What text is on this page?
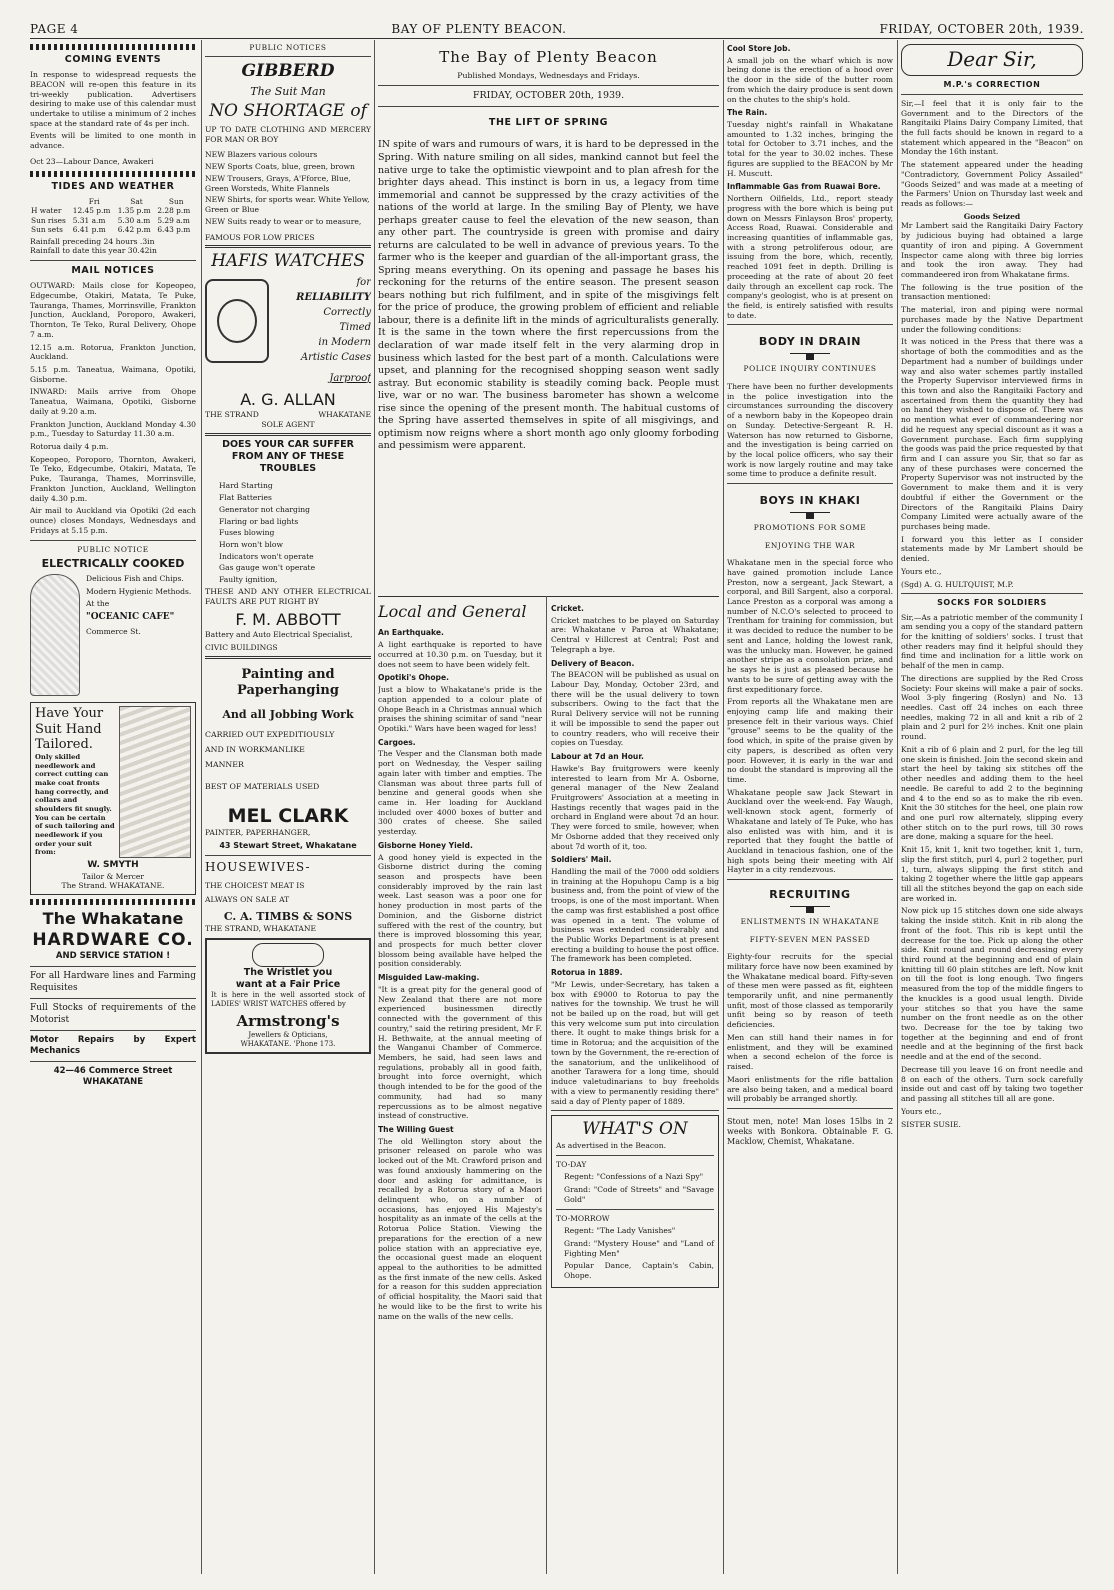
PAGE 4	BAY OF PLENTY BEACON.	FRIDAY, OCTOBER 20th, 1939.
COMING EVENTS

In response to widespread requests the BEACON will re-open this feature in its tri-weekly publication. Advertisers desiring to make use of this calendar must undertake to utilise a minimum of 2 inches space at the standard rate of 4s per inch.

Events will be limited to one month in advance.

Oct 23—Labour Dance, Awakeri

TIDES AND WEATHER
	Fri	Sat	Sun
H water	12.45 p.m	1.35 p.m	2.28 p.m
Sun rises	5.31 a.m	5.30 a.m	5.29 a.m
Sun sets	6.41 p.m	6.42 p.m	6.43 p.m

Rainfall preceding 24 hours .3in

Rainfall to date this year 30.42in

MAIL NOTICES

OUTWARD: Mails close for Kopeopeo, Edgecumbe, Otakiri, Matata, Te Puke, Tauranga, Thames, Morrinsville, Frankton Junction, Auckland, Poroporo, Awakeri, Thornton, Te Teko, Rural Delivery, Ohope 7 a.m.

12.15 a.m. Rotorua, Frankton Junction, Auckland.

5.15 p.m. Taneatua, Waimana, Opotiki, Gisborne.

INWARD: Mails arrive from Ohope Taneatua, Waimana, Opotiki, Gisborne daily at 9.20 a.m.

Frankton Junction, Auckland Monday 4.30 p.m., Tuesday to Saturday 11.30 a.m.

Rotorua daily 4 p.m.

Kopeopeo, Poroporo, Thornton, Awakeri, Te Teko, Edgecumbe, Otakiri, Matata, Te Puke, Tauranga, Thames, Morrinsville, Frankton Junction, Auckland, Wellington daily 4.30 p.m.

Air mail to Auckland via Opotiki (2d each ounce) closes Mondays, Wednesdays and Fridays at 5.15 p.m.

PUBLIC NOTICE
ELECTRICALLY COOKED

Delicious Fish and Chips.

Modern Hygienic Methods.

At the

"OCEANIC CAFE"

Commerce St.

Have Your Suit Hand Tailored.

Only skilled needlework and correct cutting can make coat fronts hang correctly, and collars and shoulders fit snugly. You can be certain of such tailoring and needlework if you order your suit from:

W. SMYTH
Tailor & Mercer
The Strand. WHAKATANE.
The Whakatane
HARDWARE CO.
AND SERVICE STATION !

For all Hardware lines and Farming Requisites

Full Stocks of requirements of the Motorist

Motor Repairs by Expert Mechanics

42—46 Commerce Street
WHAKATANE
PUBLIC NOTICES
GIBBERD
The Suit Man
NO SHORTAGE of

UP TO DATE CLOTHING AND MERCERY FOR MAN OR BOY

NEW Blazers various colours

NEW Sports Coats, blue, green, brown

NEW Trousers, Grays, A'Fforce, Blue, Green Worsteds, White Flannels

NEW Shirts, for sports wear. White Yellow, Green or Blue

NEW Suits ready to wear or to measure,

FAMOUS FOR LOW PRICES

HAFIS WATCHES
for
RELIABILITY
Correctly
Timed
in Modern
Artistic Cases
Jarproof
A. G. ALLAN
THE STRAND	WHAKATANE
SOLE AGENT
DOES YOUR CAR SUFFER FROM ANY OF THESE TROUBLES

Hard Starting

Flat Batteries

Generator not charging

Flaring or bad lights

Fuses blowing

Horn won't blow

Indicators won't operate

Gas gauge won't operate

Faulty ignition,

THESE AND ANY OTHER ELECTRICAL FAULTS ARE PUT RIGHT BY

F. M. ABBOTT

Battery and Auto Electrical Specialist,

CIVIC BUILDINGS

Painting and Paperhanging
And all Jobbing Work

CARRIED OUT EXPEDITIOUSLY

AND IN WORKMANLIKE

MANNER

BEST OF MATERIALS USED

MEL CLARK

PAINTER, PAPERHANGER,

43 Stewart Street, Whakatane
HOUSEWIVES-

THE CHOICEST MEAT IS

ALWAYS ON SALE AT

C. A. TIMBS & SONS

THE STRAND, WHAKATANE

The Wristlet you
want at a Fair Price

It is here in the well assorted stock of LADIES' WRIST WATCHES offered by

Armstrong's
Jewellers & Opticians,
WHAKATANE. 'Phone 173.
The Bay of Plenty Beacon
Published Mondays, Wednesdays and Fridays.
FRIDAY, OCTOBER 20th, 1939.
THE LIFT OF SPRING

IN spite of wars and rumours of wars, it is hard to be depressed in the Spring. With nature smiling on all sides, mankind cannot but feel the native urge to take the optimistic viewpoint and to plan afresh for the brighter days ahead. This instinct is born in us, a legacy from time immemorial and cannot be suppressed by the crazy activities of the nations of the world at large. In the smiling Bay of Plenty, we have perhaps greater cause to feel the elevation of the new season, than any other part. The countryside is green with promise and dairy returns are calculated to be well in advance of previous years. To the farmer who is the keeper and guardian of the all-important grass, the Spring means everything. On its opening and passage he bases his reckoning for the returns of the entire season. The present season bears nothing but rich fulfilment, and in spite of the misgivings felt for the price of produce, the growing problem of efficient and reliable labour, there is a definite lift in the minds of agriculturalists generally. It is the same in the town where the first repercussions from the declaration of war made itself felt in the very alarming drop in business which lasted for the best part of a month. Calculations were upset, and planning for the recognised shopping season went sadly astray. But economic stability is steadily coming back. People must live, war or no war. The business barometer has shown a welcome rise since the opening of the present month. The habitual customs of the Spring have asserted themselves in spite of all misgivings, and optimism now reigns where a short month ago only gloomy forboding and pessimism were apparent.

Local and General
An Earthquake.

A light earthquake is reported to have occurred at 10.30 p.m. on Tuesday, but it does not seem to have been widely felt.

Opotiki's Ohope.

Just a blow to Whakatane's pride is the caption appended to a colour plate of Ohope Beach in a Christmas annual which praises the shining scimitar of sand "near Opotiki." Wars have been waged for less!

Cargoes.

The Vesper and the Clansman both made port on Wednesday, the Vesper sailing again later with timber and empties. The Clansman was about three parts full of benzine and general goods when she came in. Her loading for Auckland included over 4000 boxes of butter and 300 crates of cheese. She sailed yesterday.

Gisborne Honey Yield.

A good honey yield is expected in the Gisborne district during the coming season and prospects have been considerably improved by the rain last week. Last season was a poor one for honey production in most parts of the Dominion, and the Gisborne district suffered with the rest of the country, but there is improved blossoming this year, and prospects for much better clover blossom being available have helped the position considerably.

Misguided Law-making.

"It is a great pity for the general good of New Zealand that there are not more experienced businessmen directly connected with the government of this country," said the retiring president, Mr F. H. Bethwaite, at the annual meeting of the Wanganui Chamber of Commerce. Members, he said, had seen laws and regulations, probably all in good faith, brought into force overnight, which though intended to be for the good of the community, had had so many repercussions as to be almost negative instead of constructive.

The Willing Guest

The old Wellington story about the prisoner released on parole who was locked out of the Mt. Crawford prison and was found anxiously hammering on the door and asking for admittance, is recalled by a Rotorua story of a Maori delinquent who, on a number of occasions, has enjoyed His Majesty's hospitality as an inmate of the cells at the Rotorua Police Station. Viewing the preparations for the erection of a new police station with an appreciative eye, the occasional guest made an eloquent appeal to the authorities to be admitted as the first inmate of the new cells. Asked for a reason for this sudden appreciation of official hospitality, the Maori said that he would like to be the first to write his name on the walls of the new cells.

Cricket.

Cricket matches to be played on Saturday are: Whakatane v Paroa at Whakatane; Central v Hillcrest at Central; Post and Telegraph a bye.

Delivery of Beacon.

The BEACON will be published as usual on Labour Day, Monday, October 23rd, and there will be the usual delivery to town subscribers. Owing to the fact that the Rural Delivery service will not be running it will be impossible to send the paper out to country readers, who will receive their copies on Tuesday.

Labour at 7d an Hour.

Hawke's Bay fruitgrowers were keenly interested to learn from Mr A. Osborne, general manager of the New Zealand Fruitgrowers' Association at a meeting in Hastings recently that wages paid in the orchard in England were about 7d an hour. They were forced to smile, however, when Mr Osborne added that they received only about 7d worth of it, too.

Soldiers' Mail.

Handling the mail of the 7000 odd soldiers in training at the Hopuhopu Camp is a big business and, from the point of view of the troops, is one of the most important. When the camp was first established a post office was opened in a tent. The volume of business was extended considerably and the Public Works Department is at present erecting a building to house the post office. The framework has been completed.

Rotorua in 1889.

"Mr Lewis, under-Secretary, has taken a box with £9000 to Rotorua to pay the natives for the township. We trust he will not be bailed up on the road, but will get this very welcome sum put into circulation there. It ought to make things brisk for a time in Rotorua; and the acquisition of the town by the Government, the re-erection of the sanatorium, and the unlikelihood of another Tarawera for a long time, should induce valetudinarians to buy freeholds with a view to permanently residing there" said a day of Plenty paper of 1889.

WHAT'S ON

As advertised in the Beacon.

TO-DAY

Regent: "Confessions of a Nazi Spy"

Grand: "Code of Streets" and "Savage Gold"

TO-MORROW

Regent: "The Lady Vanishes"

Grand: "Mystery House" and "Land of Fighting Men"

Popular Dance, Captain's Cabin, Ohope.

Cool Store Job.

A small job on the wharf which is now being done is the erection of a hood over the door in the side of the butter room from which the dairy produce is sent down on the chutes to the ship's hold.

The Rain.

Tuesday night's rainfall in Whakatane amounted to 1.32 inches, bringing the total for October to 3.71 inches, and the total for the year to 30.02 inches. These figures are supplied to the BEACON by Mr H. Muscutt.

Inflammable Gas from Ruawai Bore.

Northern Oilfields, Ltd., report steady progress with the bore which is being put down on Messrs Finlayson Bros' property, Access Road, Ruawai. Considerable and increasing quantities of inflammable gas, with a strong petroliferous odour, are issuing from the bore, which, recently, reached 1091 feet in depth. Drilling is proceeding at the rate of about 20 feet daily through an excellent cap rock. The company's geologist, who is at present on the field, is entirely satisfied with results to date.

BODY IN DRAIN
POLICE INQUIRY CONTINUES

There have been no further developments in the police investigation into the circumstances surrounding the discovery of a newborn baby in the Kopeopeo drain on Sunday. Detective-Sergeant R. H. Waterson has now returned to Gisborne, and the investigation is being carried on by the local police officers, who say their work is now largely routine and may take some time to produce a definite result.

BOYS IN KHAKI
PROMOTIONS FOR SOME
ENJOYING THE WAR

Whakatane men in the special force who have gained promotion include Lance Preston, now a sergeant, Jack Stewart, a corporal, and Bill Sargent, also a corporal. Lance Preston as a corporal was among a number of N.C.O's selected to proceed to Trentham for training for commission, but it was decided to reduce the number to be sent and Lance, holding the lowest rank, was the unlucky man. However, he gained another stripe as a consolation prize, and he says he is just as pleased because he wants to be sure of getting away with the first expeditionary force.

From reports all the Whakatane men are enjoying camp life and making their presence felt in their various ways. Chief "grouse" seems to be the quality of the food which, in spite of the praise given by city papers, is described as often very poor. However, it is early in the war and no doubt the standard is improving all the time.

Whakatane people saw Jack Stewart in Auckland over the week-end. Fay Waugh, well-known stock agent, formerly of Whakatane and lately of Te Puke, who has also enlisted was with him, and it is reported that they fought the battle of Auckland in tenacious fashion, one of the high spots being their meeting with Alf Hayter in a city rendezvous.

RECRUITING
ENLISTMENTS IN WHAKATANE
FIFTY-SEVEN MEN PASSED

Eighty-four recruits for the special military force have now been examined by the Whakatane medical board. Fifty-seven of these men were passed as fit, eighteen temporarily unfit, and nine permanently unfit, most of those classed as temporarily unfit being so by reason of teeth deficiencies.

Men can still hand their names in for enlistment, and they will be examined when a second echelon of the force is raised.

Maori enlistments for the rifle battalion are also being taken, and a medical board will probably be arranged shortly.

Stout men, note! Man loses 15lbs in 2 weeks with Bonkora. Obtainable F. G. Macklow, Chemist, Whakatane.

Dear Sir,
M.P.'s CORRECTION

Sir,—I feel that it is only fair to the Government and to the Directors of the Rangitaiki Plains Dairy Company Limited, that the full facts should be known in regard to a statement which appeared in the "Beacon" on Monday the 16th instant.

The statement appeared under the heading "Contradictory, Government Policy Assailed" "Goods Seized" and was made at a meeting of the Farmers' Union on Thursday last week and reads as follows:—

Goods Seized

Mr Lambert said the Rangitaiki Dairy Factory by judicious buying had obtained a large quantity of iron and piping. A Government Inspector came along with three big lorries and took the iron away. They had commandeered iron from Whakatane firms.

The following is the true position of the transaction mentioned:

The material, iron and piping were normal purchases made by the Native Department under the following conditions:

It was noticed in the Press that there was a shortage of both the commodities and as the Department had a number of buildings under way and also water schemes partly installed the Property Supervisor interviewed firms in this town and also the Rangitaiki Factory and ascertained from them the quantity they had on hand they wished to dispose of. There was no mention what ever of commandeering nor did he request any special discount as it was a Government purchase. Each firm supplying the goods was paid the price requested by that firm and I can assure you Sir, that so far as any of these purchases were concerned the Property Supervisor was not instructed by the Government to make them and it is very doubtful if either the Government or the Directors of the Rangitaiki Plains Dairy Company Limited were actually aware of the purchases being made.

I forward you this letter as I consider statements made by Mr Lambert should be denied.

Yours etc.,

(Sgd) A. G. HULTQUIST, M.P.

SOCKS FOR SOLDIERS

Sir,—As a patriotic member of the community I am sending you a copy of the standard pattern for the knitting of soldiers' socks. I trust that other readers may find it helpful should they find time and inclination for a little work on behalf of the men in camp.

The directions are supplied by the Red Cross Society: Four skeins will make a pair of socks. Wool 3-ply fingering (Roslyn) and No. 13 needles. Cast off 24 inches on each three needles, making 72 in all and knit a rib of 2 plain and 2 purl for 2½ inches. Knit one plain round.

Knit a rib of 6 plain and 2 purl, for the leg till one skein is finished. Join the second skein and start the heel by taking six stitches off the other needles and adding them to the heel needle. Be careful to add 2 to the beginning and 4 to the end so as to make the rib even. Knit the 30 stitches for the heel, one plain row and one purl row alternately, slipping every other stitch on to the purl rows, till 30 rows are done, making a square for the heel.

Knit 15, knit 1, knit two together, knit 1, turn, slip the first stitch, purl 4, purl 2 together, purl 1, turn, always slipping the first stitch and taking 2 together where the little gap appears till all the stitches beyond the gap on each side are worked in.

Now pick up 15 stitches down one side always taking the inside stitch. Knit in rib along the front of the foot. This rib is kept until the decrease for the toe. Pick up along the other side. Knit round and round decreasing every third round at the beginning and end of plain knitting till 60 plain stitches are left. Now knit on till the foot is long enough. Two fingers measured from the top of the middle fingers to the knuckles is a good usual length. Divide your stitches so that you have the same number on the front needle as on the other two. Decrease for the toe by taking two together at the beginning and end of front needle and at the beginning of the first back needle and at the end of the second.

Decrease till you leave 16 on front needle and 8 on each of the others. Turn sock carefully inside out and cast off by taking two together and passing all stitches till all are gone.

Yours etc.,

SISTER SUSIE.
